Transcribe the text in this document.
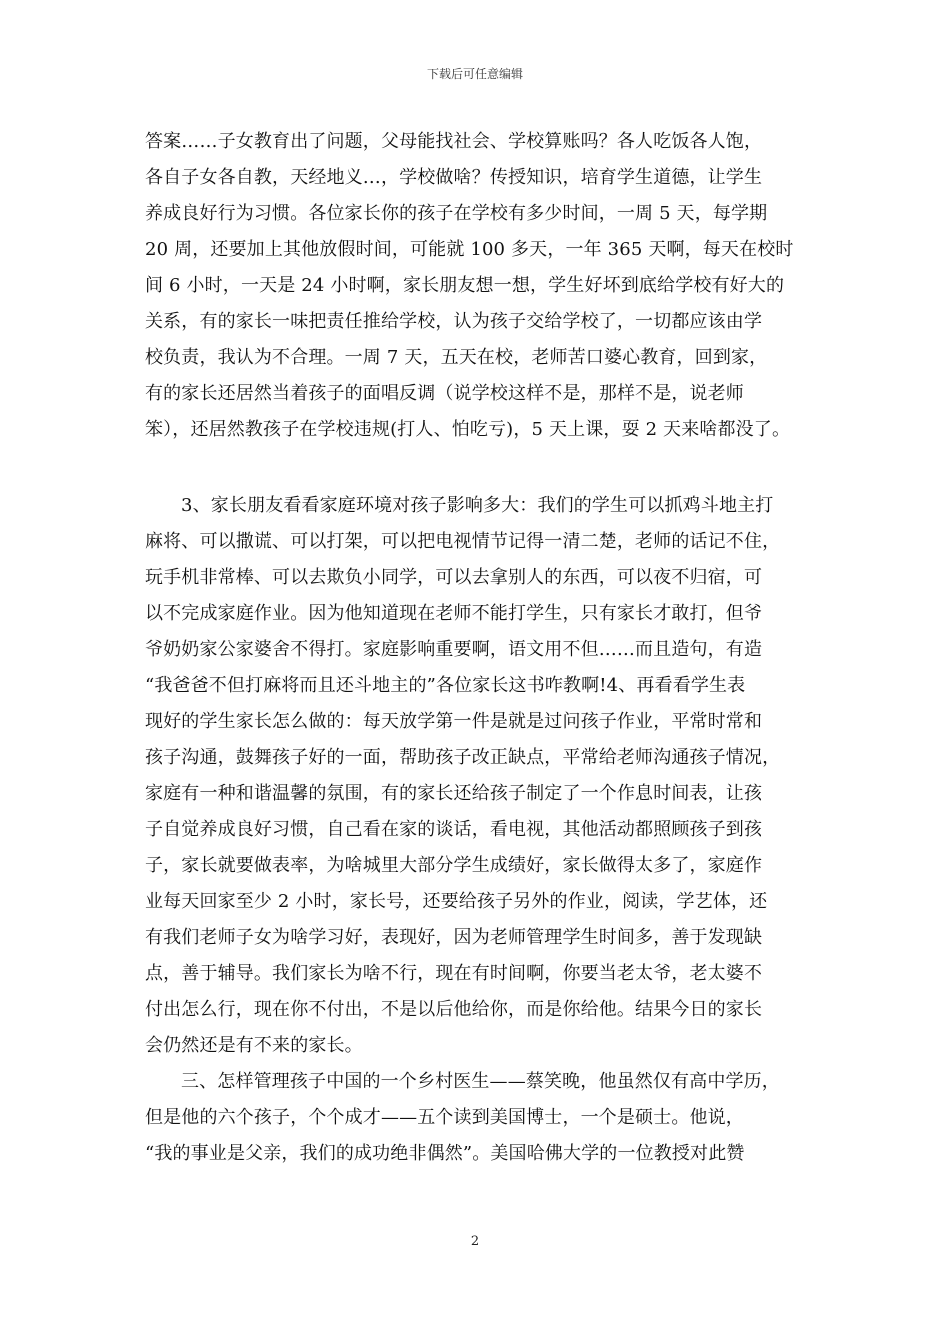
下载后可任意编辑
答案……子女教育出了问题，父母能找社会、学校算账吗？各人吃饭各人饱，
各自子女各自教，天经地义…，学校做啥？传授知识，培育学生道德，让学生
养成良好行为习惯。各位家长你的孩子在学校有多少时间，一周 5 天，每学期
20 周，还要加上其他放假时间，可能就 100 多天，一年 365 天啊，每天在校时
间 6 小时，一天是 24 小时啊，家长朋友想一想，学生好坏到底给学校有好大的
关系，有的家长一味把责任推给学校，认为孩子交给学校了，一切都应该由学
校负责，我认为不合理。一周 7 天，五天在校，老师苦口婆心教育，回到家，
有的家长还居然当着孩子的面唱反调（说学校这样不是，那样不是，说老师
笨），还居然教孩子在学校违规(打人、怕吃亏)，5 天上课，耍 2 天来啥都没了。
3、家长朋友看看家庭环境对孩子影响多大：我们的学生可以抓鸡斗地主打
麻将、可以撒谎、可以打架，可以把电视情节记得一清二楚，老师的话记不住，
玩手机非常棒、可以去欺负小同学，可以去拿别人的东西，可以夜不归宿，可
以不完成家庭作业。因为他知道现在老师不能打学生，只有家长才敢打，但爷
爷奶奶家公家婆舍不得打。家庭影响重要啊，语文用不但……而且造句，有造
“我爸爸不但打麻将而且还斗地主的”各位家长这书咋教啊!4、再看看学生表
现好的学生家长怎么做的：每天放学第一件是就是过问孩子作业，平常时常和
孩子沟通，鼓舞孩子好的一面，帮助孩子改正缺点，平常给老师沟通孩子情况，
家庭有一种和谐温馨的氛围，有的家长还给孩子制定了一个作息时间表，让孩
子自觉养成良好习惯，自己看在家的谈话，看电视，其他活动都照顾孩子到孩
子，家长就要做表率，为啥城里大部分学生成绩好，家长做得太多了，家庭作
业每天回家至少 2 小时，家长号，还要给孩子另外的作业，阅读，学艺体，还
有我们老师子女为啥学习好，表现好，因为老师管理学生时间多，善于发现缺
点，善于辅导。我们家长为啥不行，现在有时间啊，你要当老太爷，老太婆不
付出怎么行，现在你不付出，不是以后他给你，而是你给他。结果今日的家长
会仍然还是有不来的家长。
三、怎样管理孩子中国的一个乡村医生——蔡笑晚，他虽然仅有高中学历，
但是他的六个孩子，个个成才——五个读到美国博士，一个是硕士。他说，
“我的事业是父亲，我们的成功绝非偶然”。美国哈佛大学的一位教授对此赞
2
